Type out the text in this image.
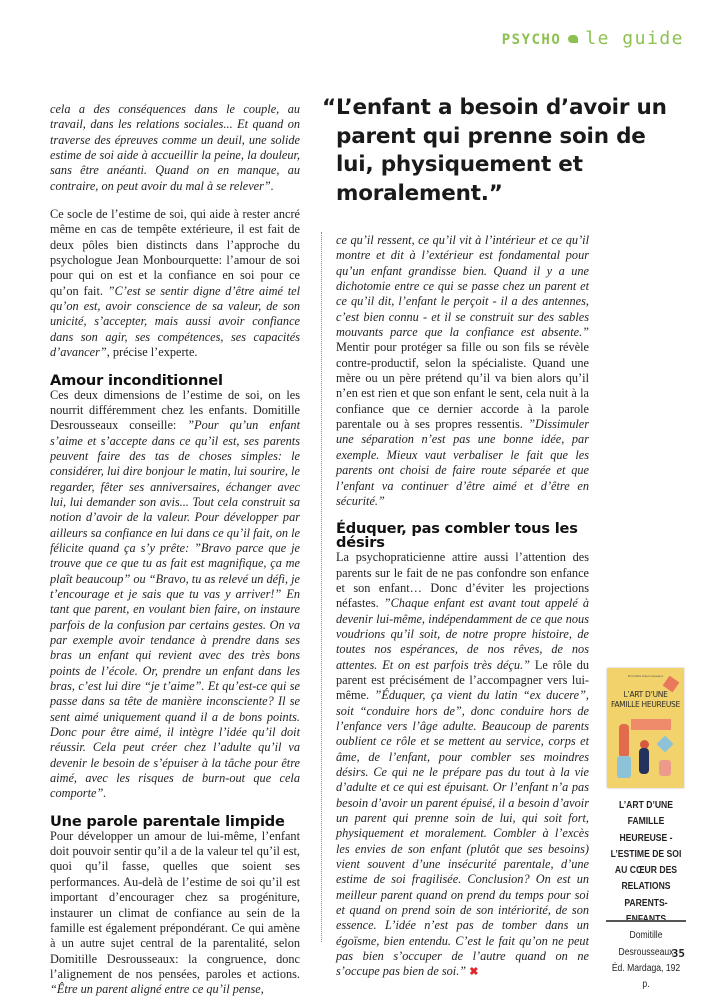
PSYCHO le guide
“ L’enfant a besoin d’avoir un parent qui prenne soin de lui, physiquement et moralement.”

cela a des conséquences dans le couple, au travail, dans les relations sociales... Et quand on traverse des épreuves comme un deuil, une solide estime de soi aide à accueillir la peine, la douleur, sans être anéanti. Quand on en manque, au contraire, on peut avoir du mal à se relever”.

Ce socle de l’estime de soi, qui aide à rester ancré même en cas de tempête extérieure, il est fait de deux pôles bien distincts dans l’approche du psychologue Jean Monbourquette: l’amour de soi pour qui on est et la confiance en soi pour ce qu’on fait. ”C’est se sentir digne d’être aimé tel qu’on est, avoir conscience de sa valeur, de son unicité, s’accepter, mais aussi avoir confiance dans son agir, ses compétences, ses capacités d’avancer”, précise l’experte.

Amour inconditionnel

Ces deux dimensions de l’estime de soi, on les nourrit différemment chez les enfants. Domitille Desrousseaux conseille: ”Pour qu’un enfant s’aime et s’accepte dans ce qu’il est, ses parents peuvent faire des tas de choses simples: le considérer, lui dire bonjour le matin, lui sourire, le regarder, fêter ses anniversaires, échanger avec lui, lui demander son avis... Tout cela construit sa notion d’avoir de la valeur. Pour développer par ailleurs sa confiance en lui dans ce qu’il fait, on le félicite quand ça s’y prête: ”Bravo parce que je trouve que ce que tu as fait est magnifique, ça me plaît beaucoup” ou “Bravo, tu as relevé un défi, je t’encourage et je sais que tu vas y arriver!” En tant que parent, en voulant bien faire, on instaure parfois de la confusion par certains gestes. On va par exemple avoir tendance à prendre dans ses bras un enfant qui revient avec des très bons points de l’école. Or, prendre un enfant dans les bras, c’est lui dire “je t’aime”. Et qu’est-ce qui se passe dans sa tête de manière inconsciente? Il se sent aimé uniquement quand il a de bons points. Donc pour être aimé, il intègre l’idée qu’il doit réussir. Cela peut créer chez l’adulte qu’il va devenir le besoin de s’épuiser à la tâche pour être aimé, avec les risques de burn-out que cela comporte”.

Une parole parentale limpide

Pour développer un amour de lui-même, l’enfant doit pouvoir sentir qu’il a de la valeur tel qu’il est, quoi qu’il fasse, quelles que soient ses performances. Au-delà de l’estime de soi qu’il est important d’encourager chez sa progéniture, instaurer un climat de confiance au sein de la famille est également prépondérant. Ce qui amène à un autre sujet central de la parentalité, selon Domitille Desrousseaux: la congruence, donc l’alignement de nos pensées, paroles et actions. “Être un parent aligné entre ce qu’il pense,

ce qu’il ressent, ce qu’il vit à l’intérieur et ce qu’il montre et dit à l’extérieur est fondamental pour qu’un enfant grandisse bien. Quand il y a une dichotomie entre ce qui se passe chez un parent et ce qu’il dit, l’enfant le perçoit - il a des antennes, c’est bien connu - et il se construit sur des sables mouvants parce que la confiance est absente.” Mentir pour protéger sa fille ou son fils se révèle contre-productif, selon la spécialiste. Quand une mère ou un père prétend qu’il va bien alors qu’il n’en est rien et que son enfant le sent, cela nuit à la confiance que ce dernier accorde à la parole parentale ou à ses propres ressentis. ”Dissimuler une séparation n’est pas une bonne idée, par exemple. Mieux vaut verbaliser le fait que les parents ont choisi de faire route séparée et que l’enfant va continuer d’être aimé et d’être en sécurité.”

Éduquer, pas combler tous les désirs

La psychopraticienne attire aussi l’attention des parents sur le fait de ne pas confondre son enfance et son enfant… Donc d’éviter les projections néfastes. ”Chaque enfant est avant tout appelé à devenir lui-même, indépendamment de ce que nous voudrions qu’il soit, de notre propre histoire, de toutes nos espérances, de nos rêves, de nos attentes. Et on est parfois très déçu.” Le rôle du parent est précisément de l’accompagner vers lui-même. ”Éduquer, ça vient du latin “ex ducere”, soit “conduire hors de”, donc conduire hors de l’enfance vers l’âge adulte. Beaucoup de parents oublient ce rôle et se mettent au service, corps et âme, de l’enfant, pour combler ses moindres désirs. Ce qui ne le prépare pas du tout à la vie d’adulte et ce qui est épuisant. Or l’enfant n’a pas besoin d’avoir un parent épuisé, il a besoin d’avoir un parent qui prenne soin de lui, qui soit fort, physiquement et moralement. Combler à l’excès les envies de son enfant (plutôt que ses besoins) vient souvent d’une insécurité parentale, d’une estime de soi fragilisée. Conclusion? On est un meilleur parent quand on prend du temps pour soi et quand on prend soin de son intériorité, de son essence. L’idée n’est pas de tomber dans un égoïsme, bien entendu. C’est le fait qu’on ne peut pas bien s’occuper de l’autre quand on ne s’occupe pas bien de soi.” ✖

Domitille Desrousseaux
L’ART D’UNE FAMILLE HEUREUSE
L’ART D’UNE FAMILLE HEUREUSE - L’ESTIME DE SOI AU CŒUR DES RELATIONS PARENTS-ENFANTS
Domitille Desrousseaux
Éd. Mardaga, 192 p.
35
